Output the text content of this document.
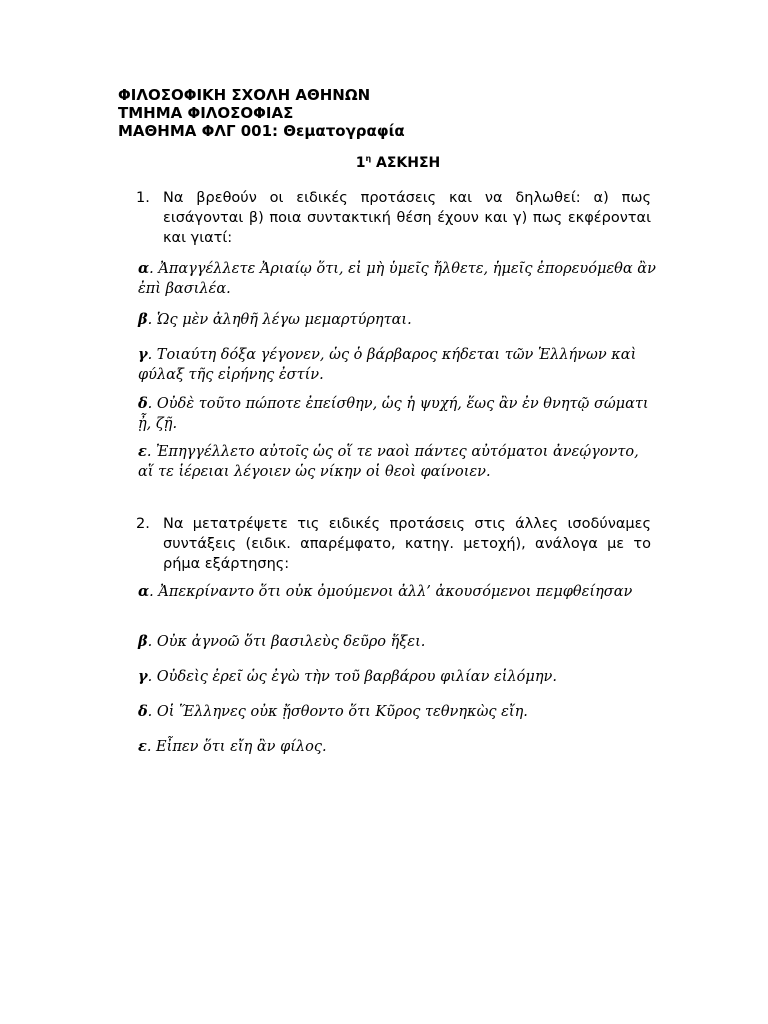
ΦΙΛΟΣΟΦΙΚΗ ΣΧΟΛΗ ΑΘΗΝΩΝ
ΤΜΗΜΑ ΦΙΛΟΣΟΦΙΑΣ
ΜΑΘΗΜΑ ΦΛΓ 001: Θεματογραφία
$1^\eta$ ΑΣΚΗΣΗ
1. Να βρεθούν οι ειδικές προτάσεις και να δηλωθεί: α) πως εισάγονται β) ποια συντακτική θέση έχουν και γ) πως εκφέρονται και γιατί:
α. Ἀπαγγέλλετε Ἀριαίῳ ὅτι, εἰ μὴ ὑμεῖς ἤλθετε, ἡμεῖς ἐπορευόμεθα ἂν ἐπὶ βασιλέα.
β. Ὡς μὲν ἀληθῆ λέγω μεμαρτύρηται.
γ. Τοιαύτη δόξα γέγονεν, ὡς ὁ βάρβαρος κήδεται τῶν Ἑλλήνων καὶ φύλαξ τῆς εἰρήνης ἐστίν.
δ. Οὐδὲ τοῦτο πώποτε ἐπείσθην, ὡς ἡ ψυχή, ἕως ἂν ἐν θνητῷ σώματι ᾖ, ζῇ.
ε. Ἐπηγγέλλετο αὐτοῖς ὡς οἵ τε ναοὶ πάντες αὐτόματοι ἀνεῴγοντο, αἵ τε ἱέρειαι λέγοιεν ὡς νίκην οἱ θεοὶ φαίνοιεν.
2. Να μετατρέψετε τις ειδικές προτάσεις στις άλλες ισοδύναμες συντάξεις (ειδικ. απαρέμφατο, κατηγ. μετοχή), ανάλογα με το ρήμα εξάρτησης:
α. Ἀπεκρίναντο ὅτι οὐκ ὀμούμενοι ἀλλ’ ἀκουσόμενοι πεμφθείησαν
β. Οὐκ ἀγνοῶ ὅτι βασιλεὺς δεῦρο ἥξει.
γ. Οὐδεὶς ἐρεῖ ὡς ἐγὼ τὴν τοῦ βαρβάρου φιλίαν εἱλόμην.
δ. Οἱ Ἕλληνες οὐκ ᾔσθοντο ὅτι Κῦρος τεθνηκὼς εἴη.
ε. Εἶπεν ὅτι εἴη ἂν φίλος.
